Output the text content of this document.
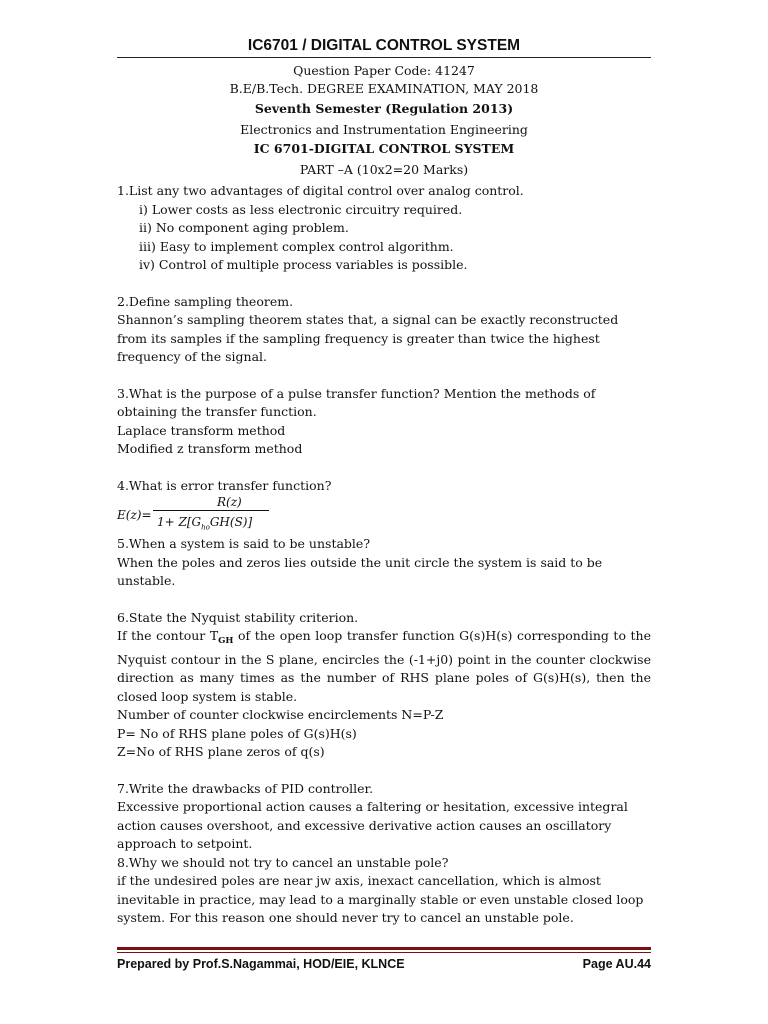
IC6701 / DIGITAL CONTROL SYSTEM
Question Paper Code: 41247
B.E/B.Tech. DEGREE EXAMINATION, MAY 2018
Seventh Semester (Regulation 2013)
Electronics and Instrumentation Engineering
IC 6701-DIGITAL CONTROL SYSTEM
PART –A (10x2=20 Marks)
1.List any two advantages of digital control over analog control.
i) Lower costs as less electronic circuitry required.
ii) No component aging problem.
iii) Easy to implement complex control algorithm.
iv) Control of multiple process variables is possible.
2.Define sampling theorem.
Shannon’s sampling theorem states that, a signal can be exactly reconstructed from its samples if the sampling frequency is greater than twice the highest frequency of the signal.
3.What is the purpose of a pulse transfer function? Mention the methods of obtaining the transfer function.
Laplace transform method
Modified z transform method
4.What is error transfer function?
E(z)=
R(z)
$1+ Z[G_{ho}GH(S)]$
5.When a system is said to be unstable?
When the poles and zeros lies outside the unit circle the system is said to be unstable.
6.State the Nyquist stability criterion.
If the contour $T_{GH}$ of the open loop transfer function G(s)H(s) corresponding to the Nyquist contour in the S plane, encircles the (-1+j0) point in the counter clockwise direction as many times as the number of RHS plane poles of G(s)H(s), then the closed loop system is stable.
Number of counter clockwise encirclements N=P-Z
P= No of RHS plane poles of G(s)H(s)
Z=No of RHS plane zeros of q(s)
7.Write the drawbacks of PID controller.
Excessive proportional action causes a faltering or hesitation, excessive integral action causes overshoot, and excessive derivative action causes an oscillatory approach to setpoint.
8.Why we should not try to cancel an unstable pole?
if the undesired poles are near jw axis, inexact cancellation, which is almost inevitable in practice, may lead to a marginally stable or even unstable closed loop system. For this reason one should never try to cancel an unstable pole.
Prepared by Prof.S.Nagammai, HOD/EIE, KLNCE	Page AU.44
